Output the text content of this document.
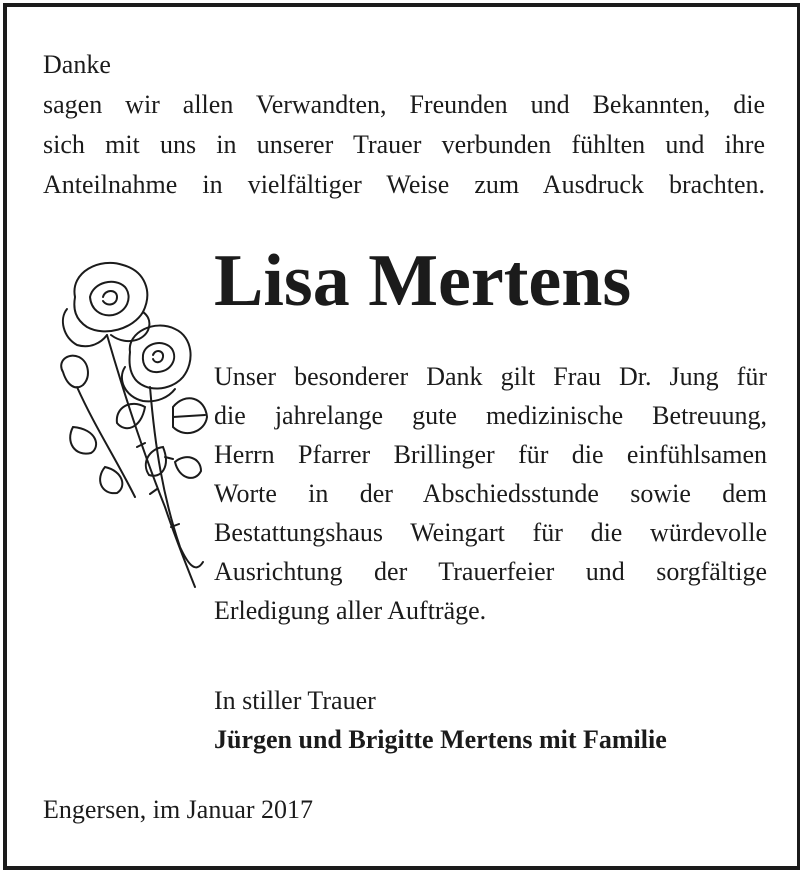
Danke
sagen wir allen Verwandten, Freunden und Bekannten, die
sich mit uns in unserer Trauer verbunden fühlten und ihre
Anteilnahme in vielfältiger Weise zum Ausdruck brachten.
Lisa Mertens
Unser besonderer Dank gilt Frau Dr. Jung für
die jahrelange gute medizinische Betreuung,
Herrn Pfarrer Brillinger für die einfühlsamen
Worte in der Abschiedsstunde sowie dem
Bestattungshaus Weingart für die würdevolle
Ausrichtung der Trauerfeier und sorgfältige
Erledigung aller Aufträge.
In stiller Trauer
Jürgen und Brigitte Mertens mit Familie
Engersen, im Januar 2017
